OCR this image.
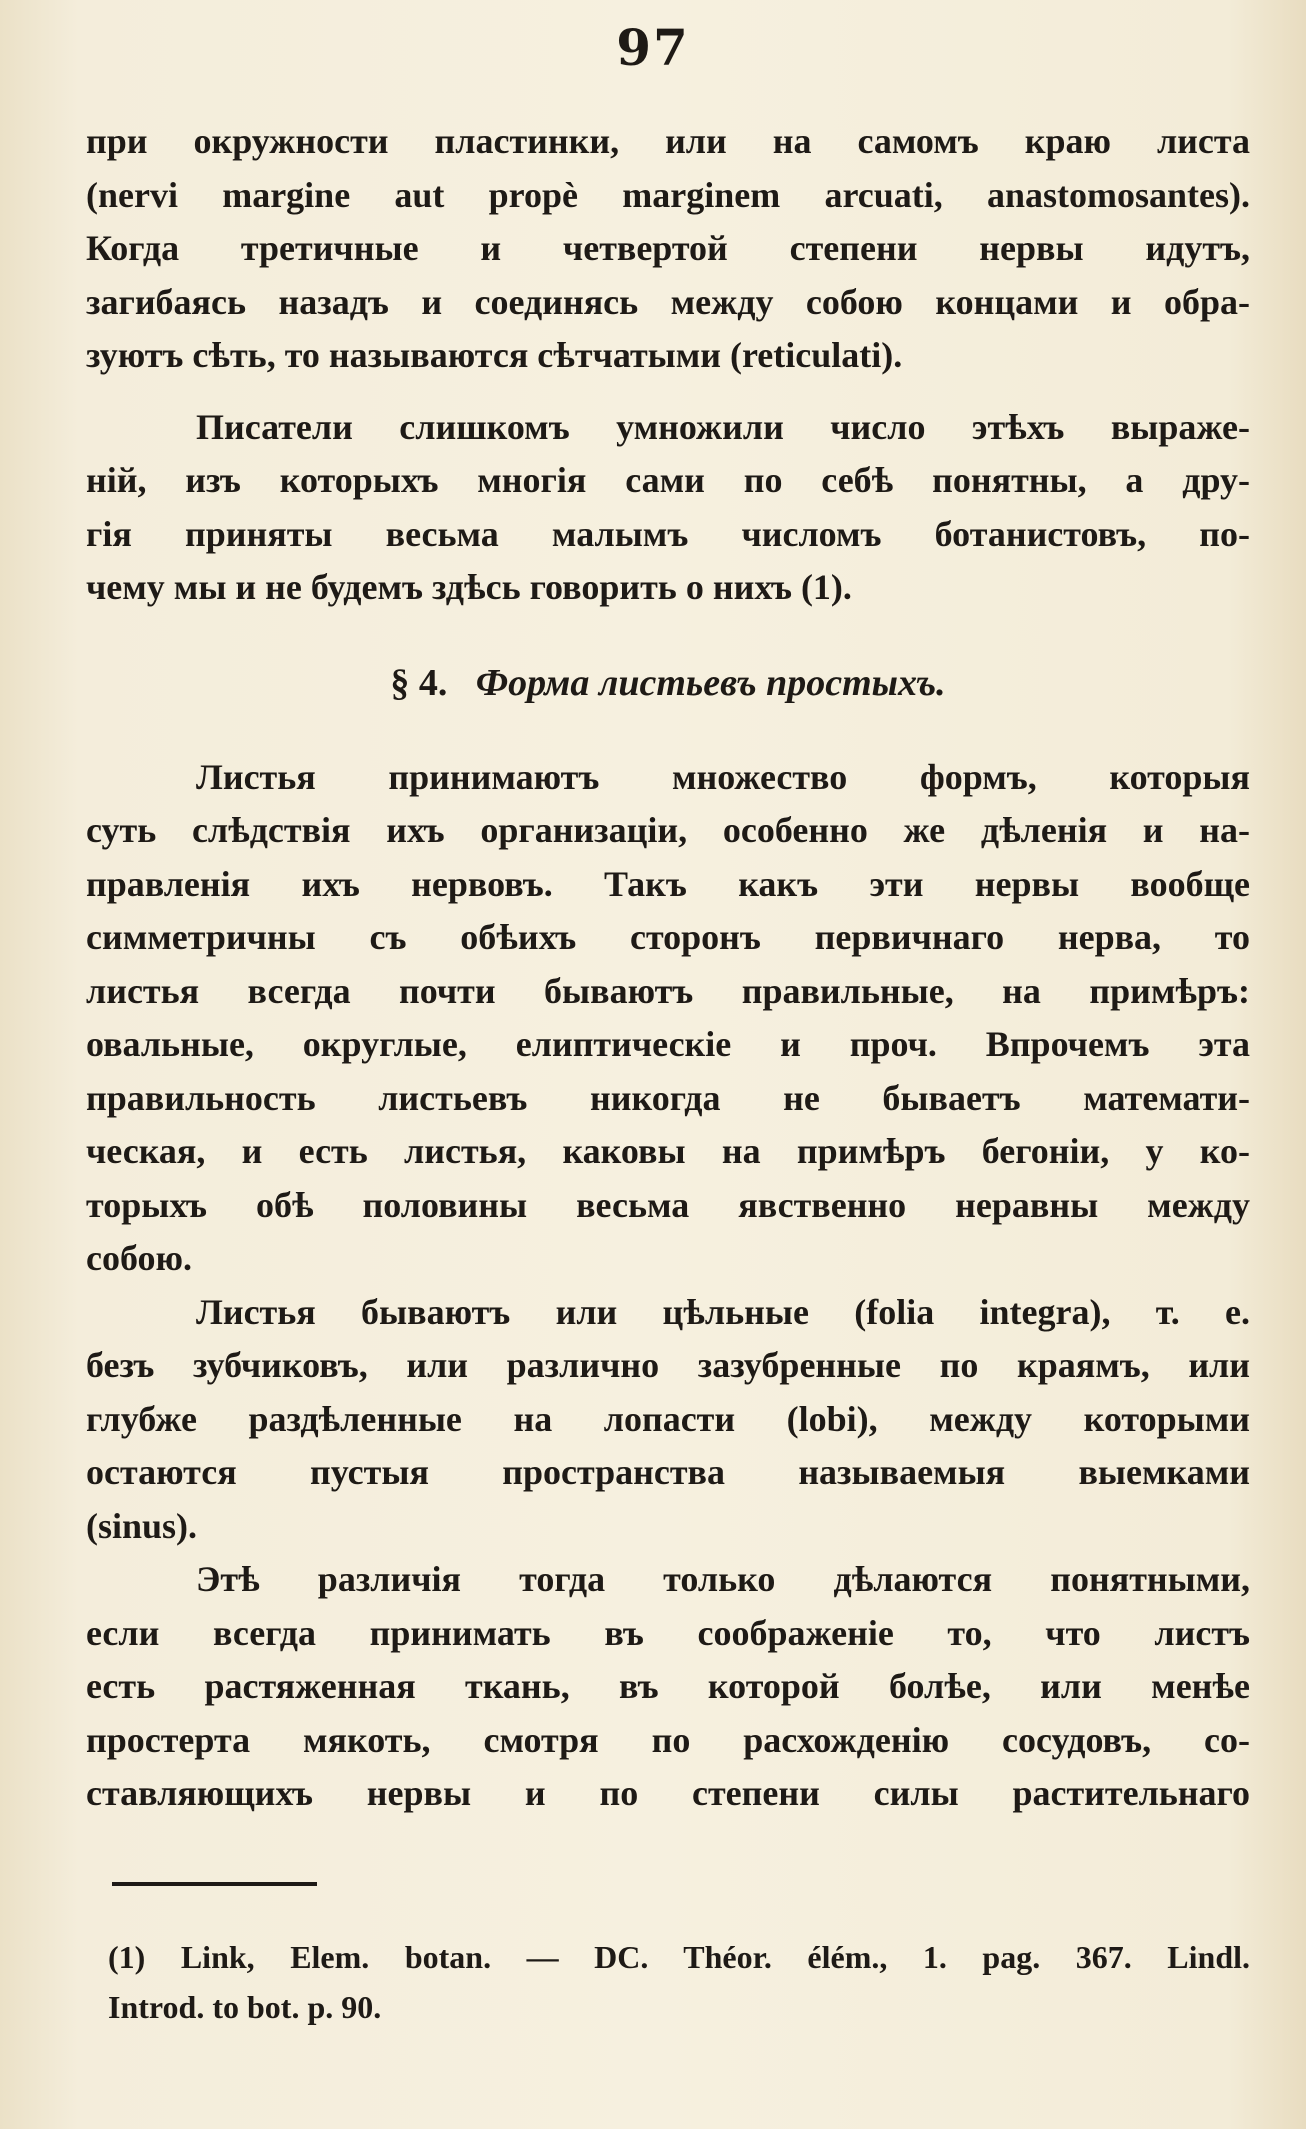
97
при окружности пластинки, или на самомъ краю листа
(nervi margine aut propè marginem arcuati, anastomosantes).
Когда третичные и четвертой степени нервы идутъ,
загибаясь назадъ и соединясь между собою концами и обра-
зуютъ сѣть, то называются сѣтчатыми (reticulati).
Писатели слишкомъ умножили число этѣхъ выраже-
нiй, изъ которыхъ многiя сами по себѣ понятны, а дру-
гiя приняты весьма малымъ числомъ ботанистовъ, по-
чему мы и не будемъ здѣсь говорить о нихъ (1).
§ 4. Форма листьевъ простыхъ.
Листья принимаютъ множество формъ, которыя
суть слѣдствiя ихъ организацiи, особенно же дѣленiя и на-
правленiя ихъ нервовъ. Такъ какъ эти нервы вообще
симметричны съ обѣихъ сторонъ первичнаго нерва, то
листья всегда почти бываютъ правильные, на примѣръ:
овальные, округлые, елиптическiе и проч. Впрочемъ эта
правильность листьевъ никогда не бываетъ математи-
ческая, и есть листья, каковы на примѣръ бегонiи, у ко-
торыхъ обѣ половины весьма явственно неравны между
собою.
Листья бываютъ или цѣльные (folia integra), т. е.
безъ зубчиковъ, или различно зазубренные по краямъ, или
глубже раздѣленные на лопасти (lobi), между которыми
остаются пустыя пространства называемыя выемками
(sinus).
Этѣ различiя тогда только дѣлаются понятными,
если всегда принимать въ соображенiе то, что листъ
есть растяженная ткань, въ которой болѣе, или менѣе
простерта мякоть, смотря по расхожденiю сосудовъ, со-
ставляющихъ нервы и по степени силы растительнаго
(1) Link, Elem. botan. — DC. Théor. élém., 1. pag. 367. Lindl.
Introd. to bot. p. 90.
